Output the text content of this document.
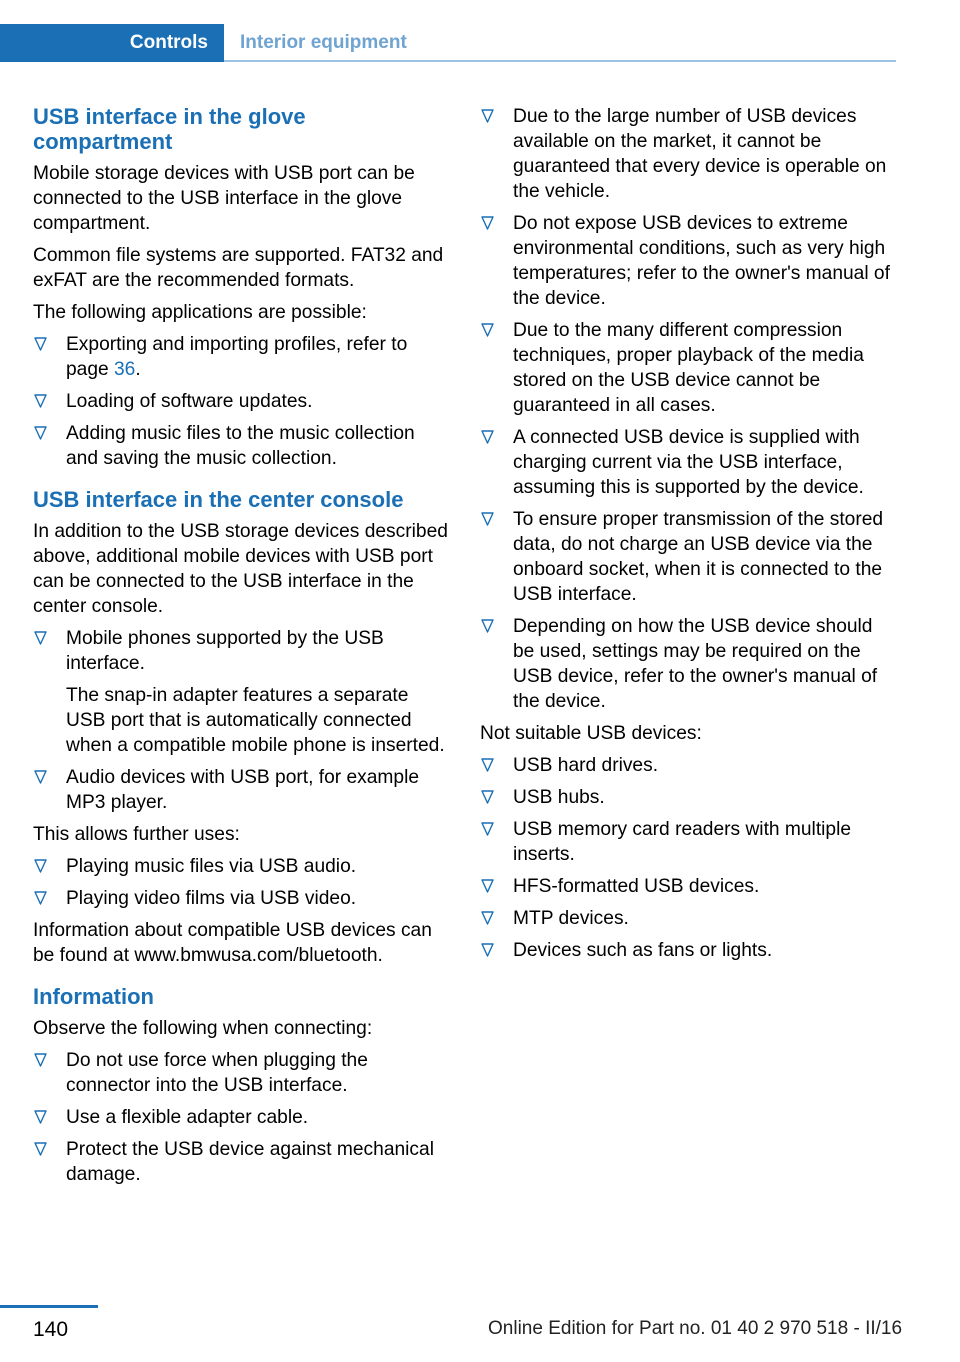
Controls	Interior equipment
USB interface in the glove compartment

Mobile storage devices with USB port can be connected to the USB interface in the glove compartment.

Common file systems are supported. FAT32 and exFAT are the recommended formats.

The following applications are possible:

Exporting and importing profiles, refer to page 36.
Loading of software updates.
Adding music files to the music collection and saving the music collection.
USB interface in the center console

In addition to the USB storage devices described above, additional mobile devices with USB port can be connected to the USB interface in the center console.

Mobile phones supported by the USB interface.

The snap-in adapter features a separate USB port that is automatically connected when a compatible mobile phone is inserted.

Audio devices with USB port, for example MP3 player.

This allows further uses:

Playing music files via USB audio.
Playing video films via USB video.

Information about compatible USB devices can be found at www.bmwusa.com/bluetooth.

Information

Observe the following when connecting:

Do not use force when plugging the connector into the USB interface.
Use a flexible adapter cable.
Protect the USB device against mechanical damage.
Due to the large number of USB devices available on the market, it cannot be guaranteed that every device is operable on the vehicle.
Do not expose USB devices to extreme environmental conditions, such as very high temperatures; refer to the owner's manual of the device.
Due to the many different compression techniques, proper playback of the media stored on the USB device cannot be guaranteed in all cases.
A connected USB device is supplied with charging current via the USB interface, assuming this is supported by the device.
To ensure proper transmission of the stored data, do not charge an USB device via the onboard socket, when it is connected to the USB interface.
Depending on how the USB device should be used, settings may be required on the USB device, refer to the owner's manual of the device.

Not suitable USB devices:

USB hard drives.
USB hubs.
USB memory card readers with multiple inserts.
HFS-formatted USB devices.
MTP devices.
Devices such as fans or lights.
140	Online Edition for Part no. 01 40 2 970 518 - II/16
